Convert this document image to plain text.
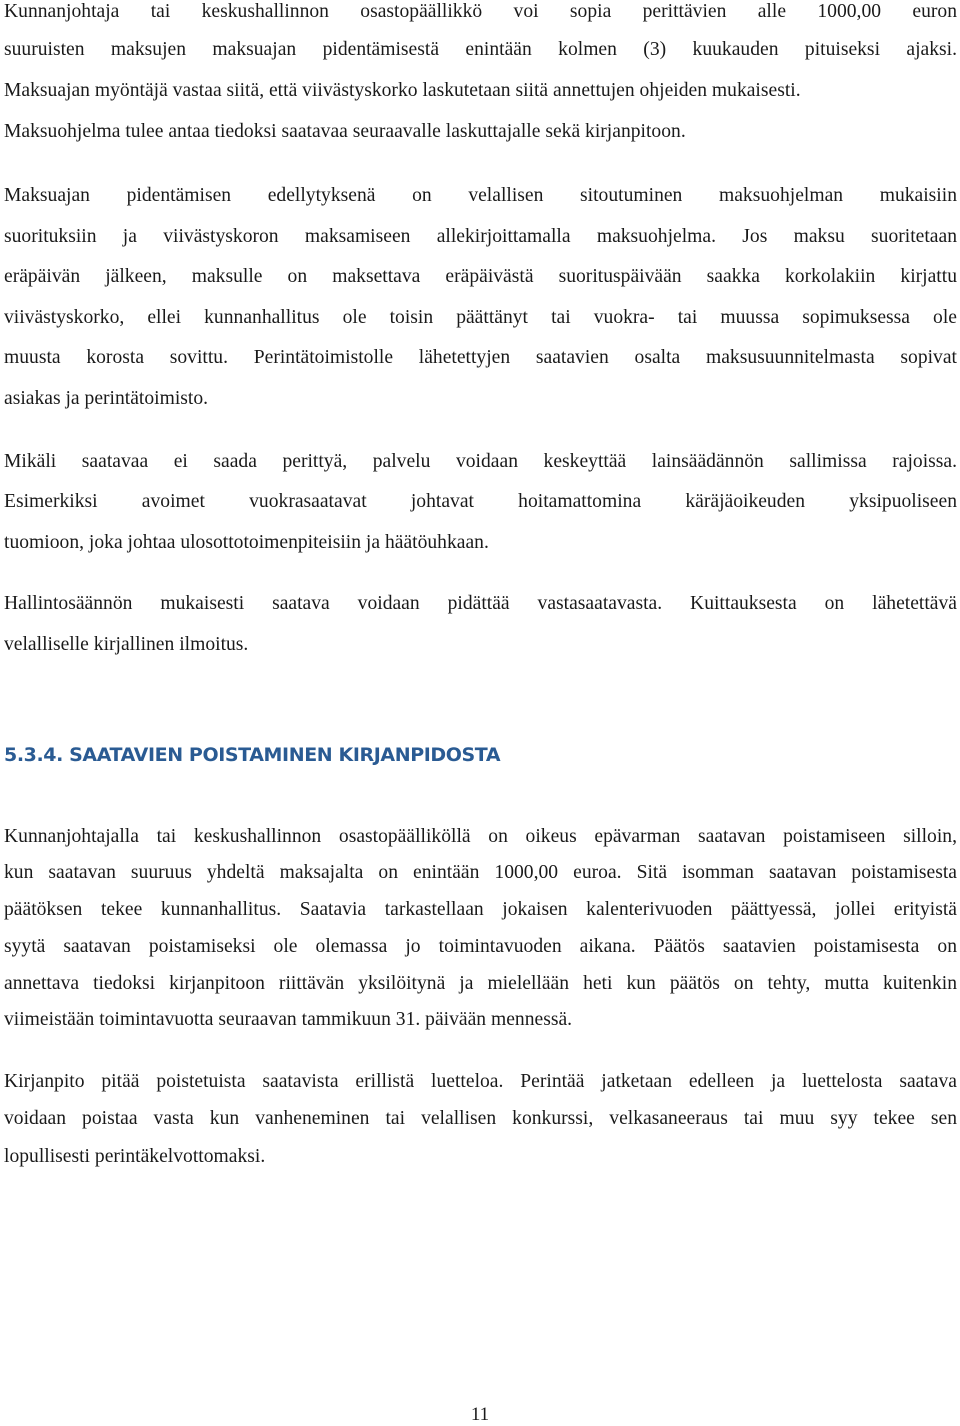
Kunnanjohtaja tai keskushallinnon osastopäällikkö voi sopia perittävien alle 1000,00 euron
suuruisten maksujen maksuajan pidentämisestä enintään kolmen (3) kuukauden pituiseksi ajaksi.
Maksuajan myöntäjä vastaa siitä, että viivästyskorko laskutetaan siitä annettujen ohjeiden mukaisesti.
Maksuohjelma tulee antaa tiedoksi saatavaa seuraavalle laskuttajalle sekä kirjanpitoon.
Maksuajan pidentämisen edellytyksenä on velallisen sitoutuminen maksuohjelman mukaisiin
suorituksiin ja viivästyskoron maksamiseen allekirjoittamalla maksuohjelma. Jos maksu suoritetaan
eräpäivän jälkeen, maksulle on maksettava eräpäivästä suorituspäivään saakka korkolakiin kirjattu
viivästyskorko, ellei kunnanhallitus ole toisin päättänyt tai vuokra- tai muussa sopimuksessa ole
muusta korosta sovittu. Perintätoimistolle lähetettyjen saatavien osalta maksusuunnitelmasta sopivat
asiakas ja perintätoimisto.
Mikäli saatavaa ei saada perittyä, palvelu voidaan keskeyttää lainsäädännön sallimissa rajoissa.
Esimerkiksi avoimet vuokrasaatavat johtavat hoitamattomina käräjäoikeuden yksipuoliseen
tuomioon, joka johtaa ulosottotoimenpiteisiin ja häätöuhkaan.
Hallintosäännön mukaisesti saatava voidaan pidättää vastasaatavasta. Kuittauksesta on lähetettävä
velalliselle kirjallinen ilmoitus.
5.3.4. SAATAVIEN POISTAMINEN KIRJANPIDOSTA
Kunnanjohtajalla tai keskushallinnon osastopäälliköllä on oikeus epävarman saatavan poistamiseen silloin,
kun saatavan suuruus yhdeltä maksajalta on enintään 1000,00 euroa. Sitä isomman saatavan poistamisesta
päätöksen tekee kunnanhallitus. Saatavia tarkastellaan jokaisen kalenterivuoden päättyessä, jollei erityistä
syytä saatavan poistamiseksi ole olemassa jo toimintavuoden aikana. Päätös saatavien poistamisesta on
annettava tiedoksi kirjanpitoon riittävän yksilöitynä ja mielellään heti kun päätös on tehty, mutta kuitenkin
viimeistään toimintavuotta seuraavan tammikuun 31. päivään mennessä.
Kirjanpito pitää poistetuista saatavista erillistä luetteloa. Perintää jatketaan edelleen ja luettelosta saatava
voidaan poistaa vasta kun vanheneminen tai velallisen konkurssi, velkasaneeraus tai muu syy tekee sen
lopullisesti perintäkelvottomaksi.
11
